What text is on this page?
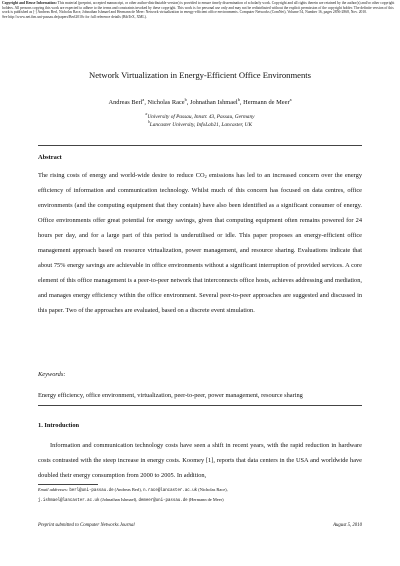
Copyright and Reuse Information: This material (preprint, accepted manuscript, or other author-distributable version) is provided to ensure timely dissemination of scholarly work. Copyright and all rights therein are retained by the author(s) and/or other copyright holders. All persons copying this work are expected to adhere to the terms and constraints invoked by these copyright. This work is for personal use only and may not be redistributed without the explicit permission of the copyright holder. The definite version of this work is published as [·] Andreas Berl, Nicholas Race, Johnathan Ishmael and Hermann de Meer: Network virtualization in energy-efficient office environments. Computer Networks (ComNet), Volume 54, Number 16, pages 2856-2868, Nov. 2010.
See http://www.net.fim.uni-passau.de/papers/Berl2010c for full reference details (BibTeX, XML).
Network Virtualization in Energy-Efficient Office Environments
Andreas Berl$^a$, Nicholas Race$^b$, Johnathan Ishmael$^b$, Hermann de Meer$^a$
$^a$University of Passau, Innstr. 43, Passau, Germany
$^b$Lancaster University, InfoLab21, Lancaster, UK
Abstract

The rising costs of energy and world-wide desire to reduce $CO_2$ emissions has led to an increased concern over the energy efficiency of information and communication technology. Whilst much of this concern has focused on data centres, office environments (and the computing equipment that they contain) have also been identified as a significant consumer of energy. Office environments offer great potential for energy savings, given that computing equipment often remains powered for 24 hours per day, and for a large part of this period is underutilised or idle. This paper proposes an energy-efficient office management approach based on resource virtualization, power management, and resource sharing. Evaluations indicate that about 75% energy savings are achievable in office environments without a significant interruption of provided services. A core element of this office management is a peer-to-peer network that interconnects office hosts, achieves addressing and mediation, and manages energy efficiency within the office environment. Several peer-to-peer approaches are suggested and discussed in this paper. Two of the approaches are evaluated, based on a discrete event simulation.

Keywords:

Energy efficiency, office environment, virtualization, peer-to-peer, power management, resource sharing

1. Introduction

Information and communication technology costs have seen a shift in recent years, with the rapid reduction in hardware costs contrasted with the steep increase in energy costs. Koomey [1], reports that data centers in the USA and worldwide have doubled their energy consumption from 2000 to 2005. In addition,

Email addresses: berl@uni-passau.de (Andreas Berl), n.race@lancaster.ac.uk (Nicholas Race),
j.ishmael@lancaster.ac.uk (Johnathan Ishmael), demeer@uni-passau.de (Hermann de Meer)
Preprint submitted to Computer Networks Journal	August 5, 2010
